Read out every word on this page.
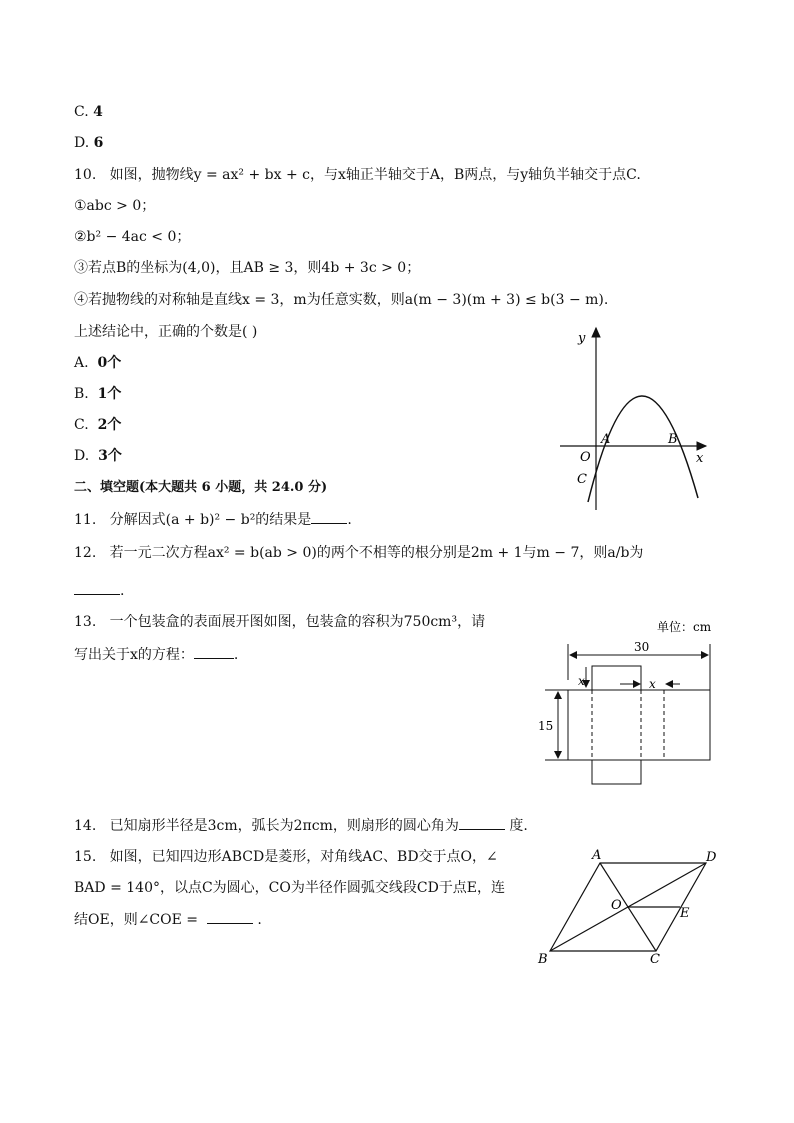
C. 4
D. 6
10. 如图，抛物线y = ax² + bx + c，与x轴正半轴交于A，B两点，与y轴负半轴交于点C.
①abc > 0；
②b² − 4ac < 0；
③若点B的坐标为(4,0)，且AB ≥ 3，则4b + 3c > 0；
④若抛物线的对称轴是直线x = 3，m为任意实数，则a(m − 3)(m + 3) ≤ b(3 − m).
上述结论中，正确的个数是( )
A. 0个
B. 1个
C. 2个
D. 3个
y
x
O
A	B
C
二、填空题(本大题共 6 小题，共 24.0 分)
11. 分解因式(a + b)² − b²的结果是	.
12. 若一元二次方程ax² = b(ab > 0)的两个不相等的根分别是2m + 1与m − 7，则a/b为
.
13. 一个包装盒的表面展开图如图，包装盒的容积为750cm³，请
写出关于x的方程：	.
单位：cm
30
x	x
15
14. 已知扇形半径是3cm，弧长为2πcm，则扇形的圆心角为	度.
15. 如图，已知四边形ABCD是菱形，对角线AC、BD交于点O，∠
BAD = 140°，以点C为圆心，CO为半径作圆弧交线段CD于点E，连
结OE，则∠COE =	.
A	D
B	C
O
E
